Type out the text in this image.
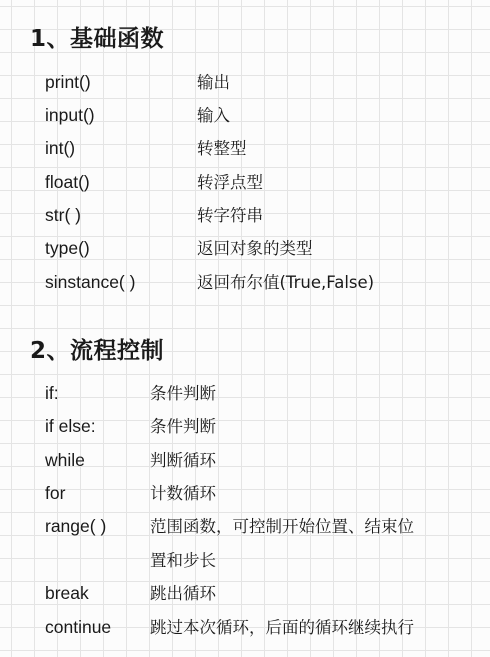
1、基础函数
print()	输出
input()	输入
int()	转整型
float()	转浮点型
str( )	转字符串
type()	返回对象的类型
sinstance( )	返回布尔值(True,False)
2、流程控制
if:	条件判断
if else:	条件判断
while	判断循环
for	计数循环
range( )	范围函数，可控制开始位置、结束位
置和步长
break	跳出循环
continue 跳过本次循环，后面的循环继续执行
